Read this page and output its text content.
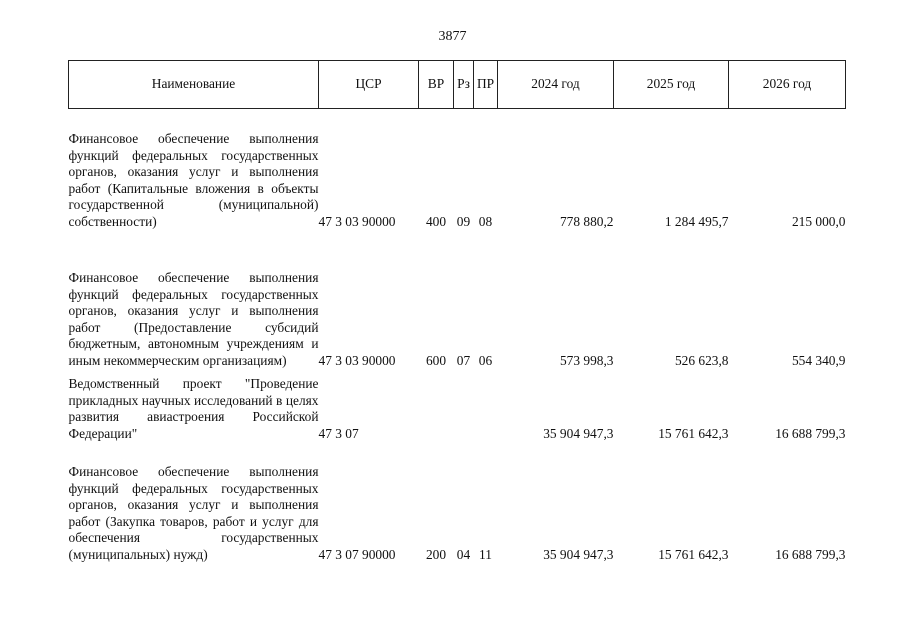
3877
Наименование	ЦСР	ВР	Рз	ПР	2024 год	2025 год	2026 год
Финансовое обеспечение выполнения функций федеральных государственных органов, оказания услуг и выполнения работ (Капитальные вложения в объекты государственной (муниципальной) собственности)	47 3 03 90000	400	09	08	778 880,2	1 284 495,7	215 000,0
Финансовое обеспечение выполнения функций федеральных государственных органов, оказания услуг и выполнения работ (Предоставление субсидий бюджетным, автономным учреждениям и иным некоммерческим организациям)	47 3 03 90000	600	07	06	573 998,3	526 623,8	554 340,9
Ведомственный проект "Проведение прикладных научных исследований в целях развития авиастроения Российской Федерации"	47 3 07				35 904 947,3	15 761 642,3	16 688 799,3
Финансовое обеспечение выполнения функций федеральных государственных органов, оказания услуг и выполнения работ (Закупка товаров, работ и услуг для обеспечения государственных (муниципальных) нужд)	47 3 07 90000	200	04	11	35 904 947,3	15 761 642,3	16 688 799,3
